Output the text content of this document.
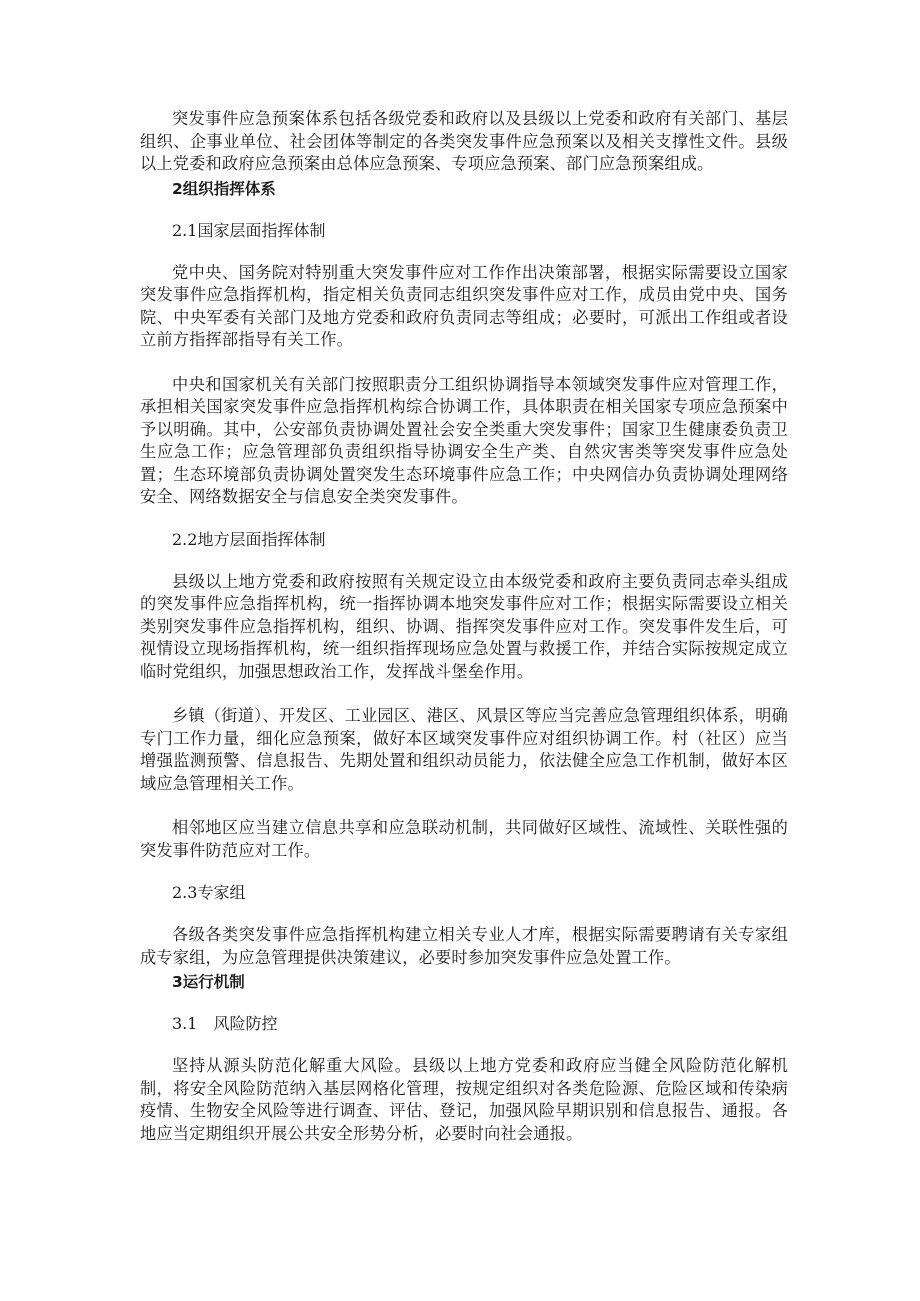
突发事件应急预案体系包括各级党委和政府以及县级以上党委和政府有关部门、基层组织、企事业单位、社会团体等制定的各类突发事件应急预案以及相关支撑性文件。县级以上党委和政府应急预案由总体应急预案、专项应急预案、部门应急预案组成。

2组织指挥体系

2.1国家层面指挥体制

党中央、国务院对特别重大突发事件应对工作作出决策部署，根据实际需要设立国家突发事件应急指挥机构，指定相关负责同志组织突发事件应对工作，成员由党中央、国务院、中央军委有关部门及地方党委和政府负责同志等组成；必要时，可派出工作组或者设立前方指挥部指导有关工作。

中央和国家机关有关部门按照职责分工组织协调指导本领域突发事件应对管理工作，承担相关国家突发事件应急指挥机构综合协调工作，具体职责在相关国家专项应急预案中予以明确。其中，公安部负责协调处置社会安全类重大突发事件；国家卫生健康委负责卫生应急工作；应急管理部负责组织指导协调安全生产类、自然灾害类等突发事件应急处置；生态环境部负责协调处置突发生态环境事件应急工作；中央网信办负责协调处理网络安全、网络数据安全与信息安全类突发事件。

2.2地方层面指挥体制

县级以上地方党委和政府按照有关规定设立由本级党委和政府主要负责同志牵头组成的突发事件应急指挥机构，统一指挥协调本地突发事件应对工作；根据实际需要设立相关类别突发事件应急指挥机构，组织、协调、指挥突发事件应对工作。突发事件发生后，可视情设立现场指挥机构，统一组织指挥现场应急处置与救援工作，并结合实际按规定成立临时党组织，加强思想政治工作，发挥战斗堡垒作用。

乡镇（街道）、开发区、工业园区、港区、风景区等应当完善应急管理组织体系，明确专门工作力量，细化应急预案，做好本区域突发事件应对组织协调工作。村（社区）应当增强监测预警、信息报告、先期处置和组织动员能力，依法健全应急工作机制，做好本区域应急管理相关工作。

相邻地区应当建立信息共享和应急联动机制，共同做好区域性、流域性、关联性强的突发事件防范应对工作。

2.3专家组

各级各类突发事件应急指挥机构建立相关专业人才库，根据实际需要聘请有关专家组成专家组，为应急管理提供决策建议，必要时参加突发事件应急处置工作。

3运行机制

3.1　风险防控

坚持从源头防范化解重大风险。县级以上地方党委和政府应当健全风险防范化解机制，将安全风险防范纳入基层网格化管理，按规定组织对各类危险源、危险区域和传染病疫情、生物安全风险等进行调查、评估、登记，加强风险早期识别和信息报告、通报。各地应当定期组织开展公共安全形势分析，必要时向社会通报。
